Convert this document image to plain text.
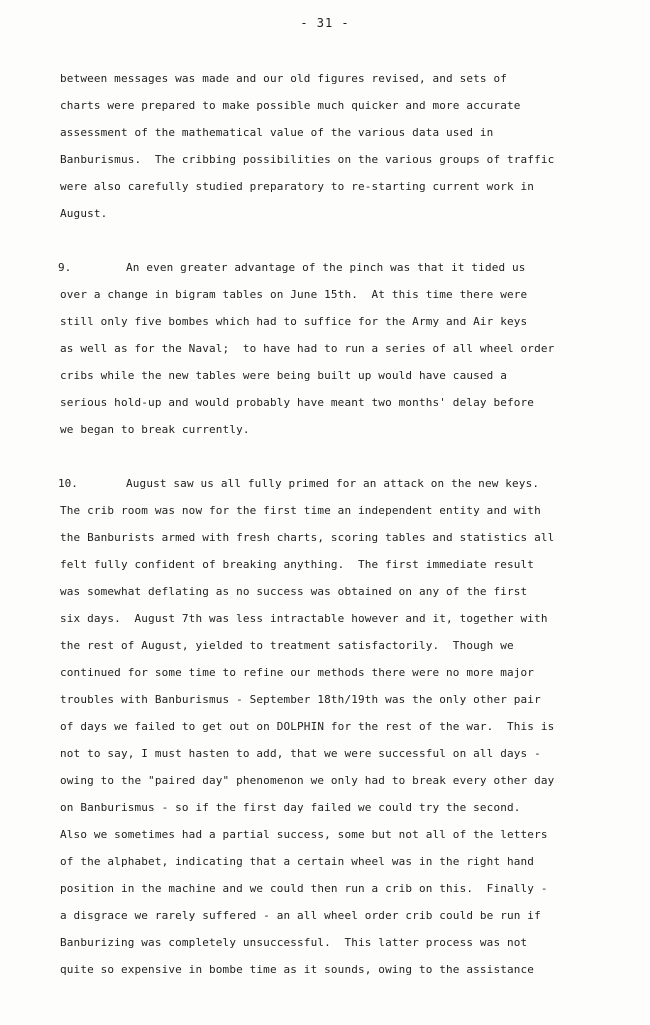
- 31 -
between messages was made and our old figures revised, and sets of
charts were prepared to make possible much quicker and more accurate
assessment of the mathematical value of the various data used in
Banburismus.  The cribbing possibilities on the various groups of traffic
were also carefully studied preparatory to re-starting current work in
August.
9.	An even greater advantage of the pinch was that it tided us
over a change in bigram tables on June 15th.  At this time there were
still only five bombes which had to suffice for the Army and Air keys
as well as for the Naval;  to have had to run a series of all wheel order
cribs while the new tables were being built up would have caused a
serious hold-up and would probably have meant two months' delay before
we began to break currently.
10.	August saw us all fully primed for an attack on the new keys.
The crib room was now for the first time an independent entity and with
the Banburists armed with fresh charts, scoring tables and statistics all
felt fully confident of breaking anything.  The first immediate result
was somewhat deflating as no success was obtained on any of the first
six days.  August 7th was less intractable however and it, together with
the rest of August, yielded to treatment satisfactorily.  Though we
continued for some time to refine our methods there were no more major
troubles with Banburismus - September 18th/19th was the only other pair
of days we failed to get out on DOLPHIN for the rest of the war.  This is
not to say, I must hasten to add, that we were successful on all days -
owing to the "paired day" phenomenon we only had to break every other day
on Banburismus - so if the first day failed we could try the second.
Also we sometimes had a partial success, some but not all of the letters
of the alphabet, indicating that a certain wheel was in the right hand
position in the machine and we could then run a crib on this.  Finally -
a disgrace we rarely suffered - an all wheel order crib could be run if
Banburizing was completely unsuccessful.  This latter process was not
quite so expensive in bombe time as it sounds, owing to the assistance
